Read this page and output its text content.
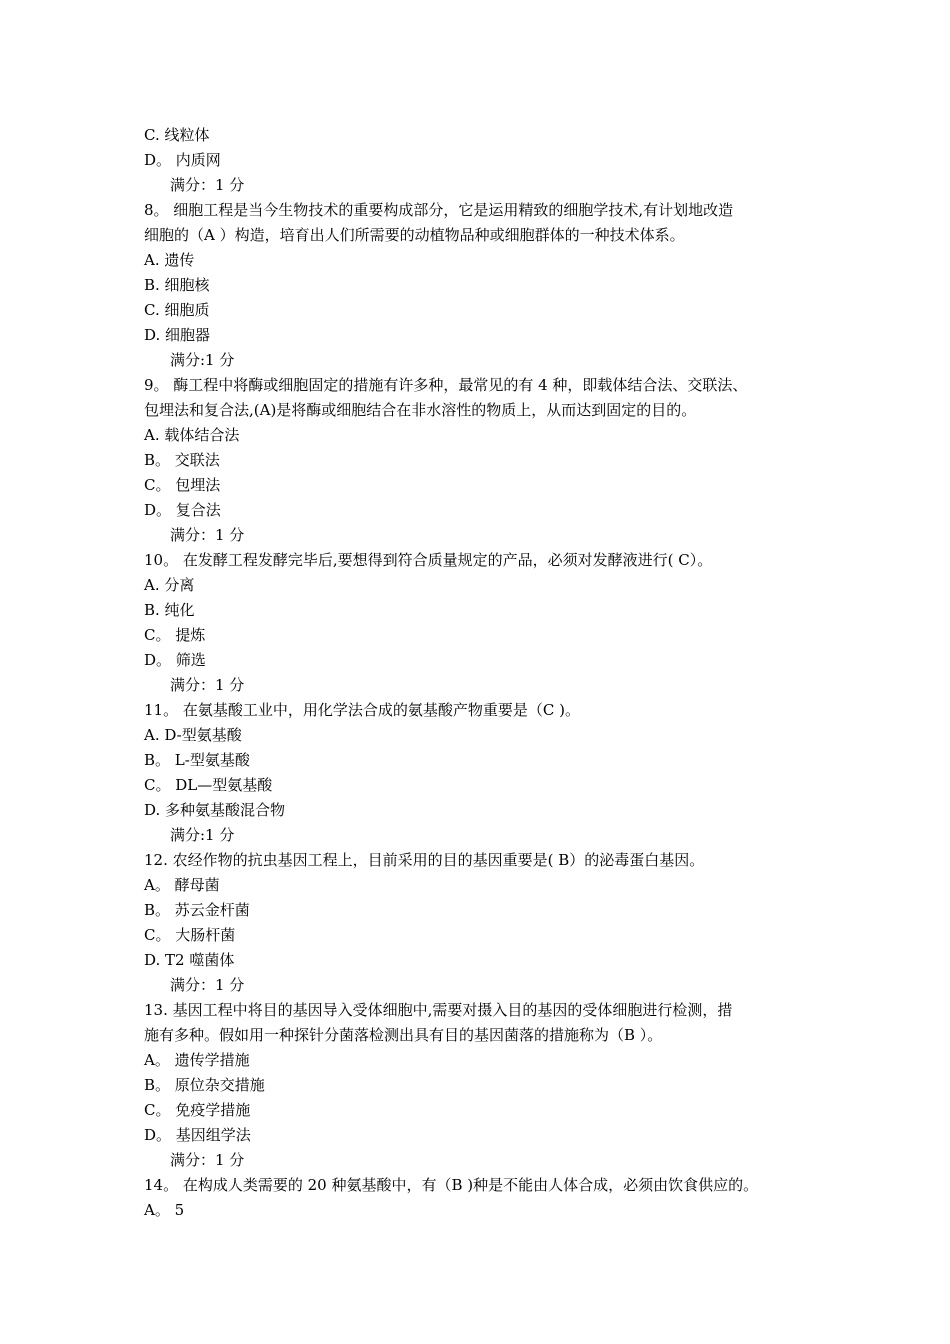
C. 线粒体
D。 内质网
满分：1 分
8。 细胞工程是当今生物技术的重要构成部分，它是运用精致的细胞学技术,有计划地改造
细胞的（A ）构造，培育出人们所需要的动植物品种或细胞群体的一种技术体系。
A. 遗传
B. 细胞核
C. 细胞质
D. 细胞器
满分:1 分
9。 酶工程中将酶或细胞固定的措施有许多种，最常见的有 4 种，即载体结合法、交联法、
包埋法和复合法,(A)是将酶或细胞结合在非水溶性的物质上，从而达到固定的目的。
A. 载体结合法
B。 交联法
C。 包埋法
D。 复合法
满分：1 分
10。 在发酵工程发酵完毕后,要想得到符合质量规定的产品，必须对发酵液进行( C）。
A. 分离
B. 纯化
C。 提炼
D。 筛选
满分：1 分
11。 在氨基酸工业中，用化学法合成的氨基酸产物重要是（C )。
A. D-型氨基酸
B。 L-型氨基酸
C。 DL—型氨基酸
D. 多种氨基酸混合物
满分:1 分
12. 农经作物的抗虫基因工程上，目前采用的目的基因重要是( B）的泌毒蛋白基因。
A。 酵母菌
B。 苏云金杆菌
C。 大肠杆菌
D. T2 噬菌体
满分：1 分
13. 基因工程中将目的基因导入受体细胞中,需要对摄入目的基因的受体细胞进行检测，措
施有多种。假如用一种探针分菌落检测出具有目的基因菌落的措施称为（B ）。
A。 遗传学措施
B。 原位杂交措施
C。 免疫学措施
D。 基因组学法
满分：1 分
14。 在构成人类需要的 20 种氨基酸中，有（B )种是不能由人体合成，必须由饮食供应的。
A。 5
